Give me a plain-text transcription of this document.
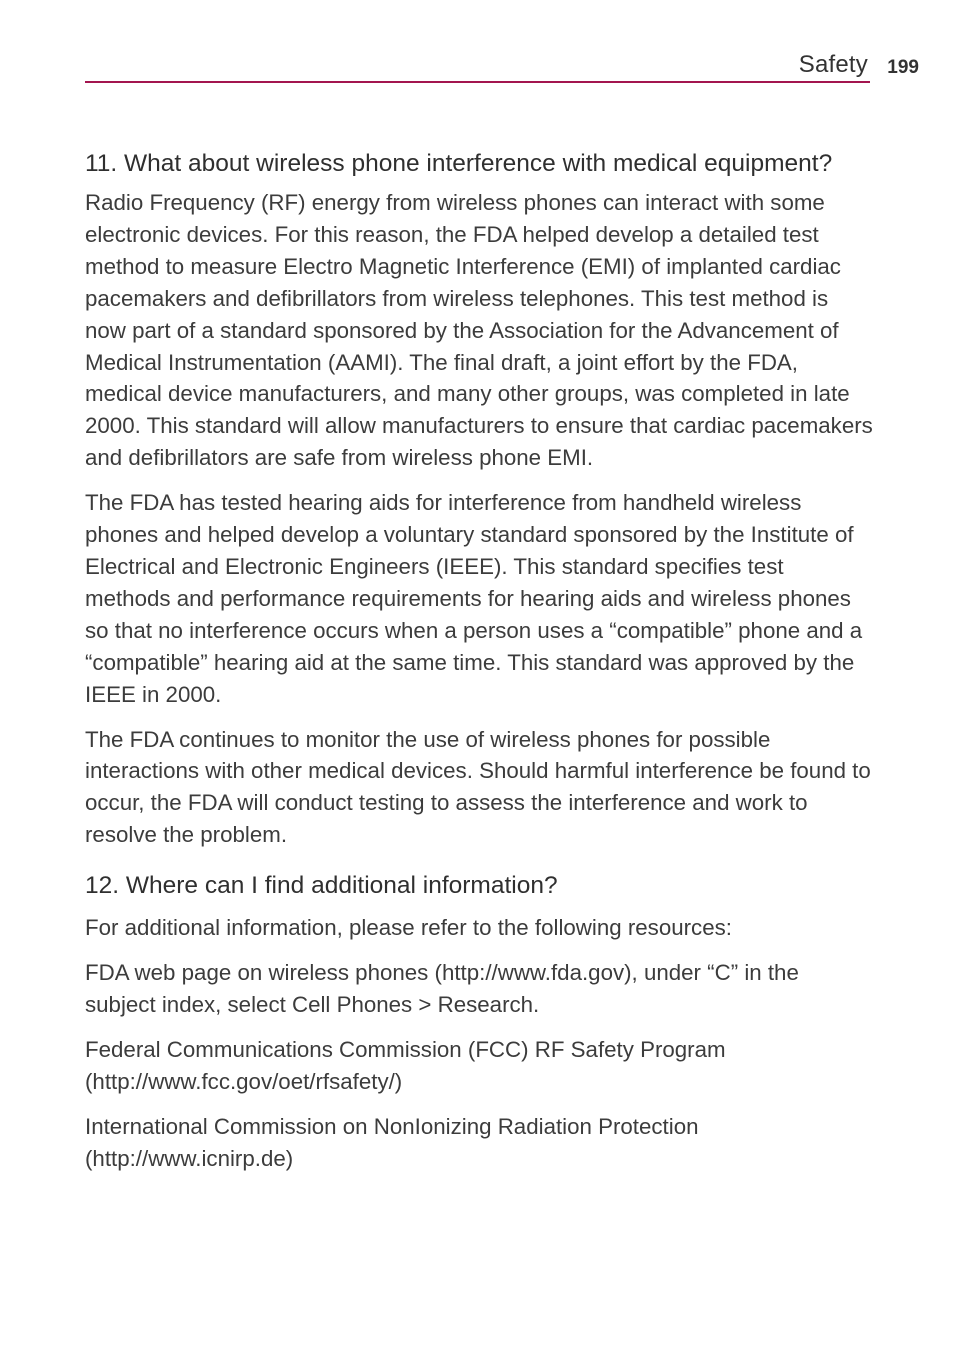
Safety 199
11. What about wireless phone interference with medical equipment?

Radio Frequency (RF) energy from wireless phones can interact with some electronic devices. For this reason, the FDA helped develop a detailed test method to measure Electro Magnetic Interference (EMI) of implanted cardiac pacemakers and defibrillators from wireless telephones. This test method is now part of a standard sponsored by the Association for the Advancement of Medical Instrumentation (AAMI). The final draft, a joint effort by the FDA, medical device manufacturers, and many other groups, was completed in late 2000. This standard will allow manufacturers to ensure that cardiac pacemakers and defibrillators are safe from wireless phone EMI.

The FDA has tested hearing aids for interference from handheld wireless phones and helped develop a voluntary standard sponsored by the Institute of Electrical and Electronic Engineers (IEEE). This standard specifies test methods and performance requirements for hearing aids and wireless phones so that no interference occurs when a person uses a “compatible” phone and a “compatible” hearing aid at the same time. This standard was approved by the IEEE in 2000.

The FDA continues to monitor the use of wireless phones for possible interactions with other medical devices. Should harmful interference be found to occur, the FDA will conduct testing to assess the interference and work to resolve the problem.

12. Where can I find additional information?

For additional information, please refer to the following resources:

FDA web page on wireless phones (http://www.fda.gov), under “C” in the subject index, select Cell Phones > Research.

Federal Communications Commission (FCC) RF Safety Program (http://www.fcc.gov/oet/rfsafety/)

International Commission on NonIonizing Radiation Protection (http://www.icnirp.de)
